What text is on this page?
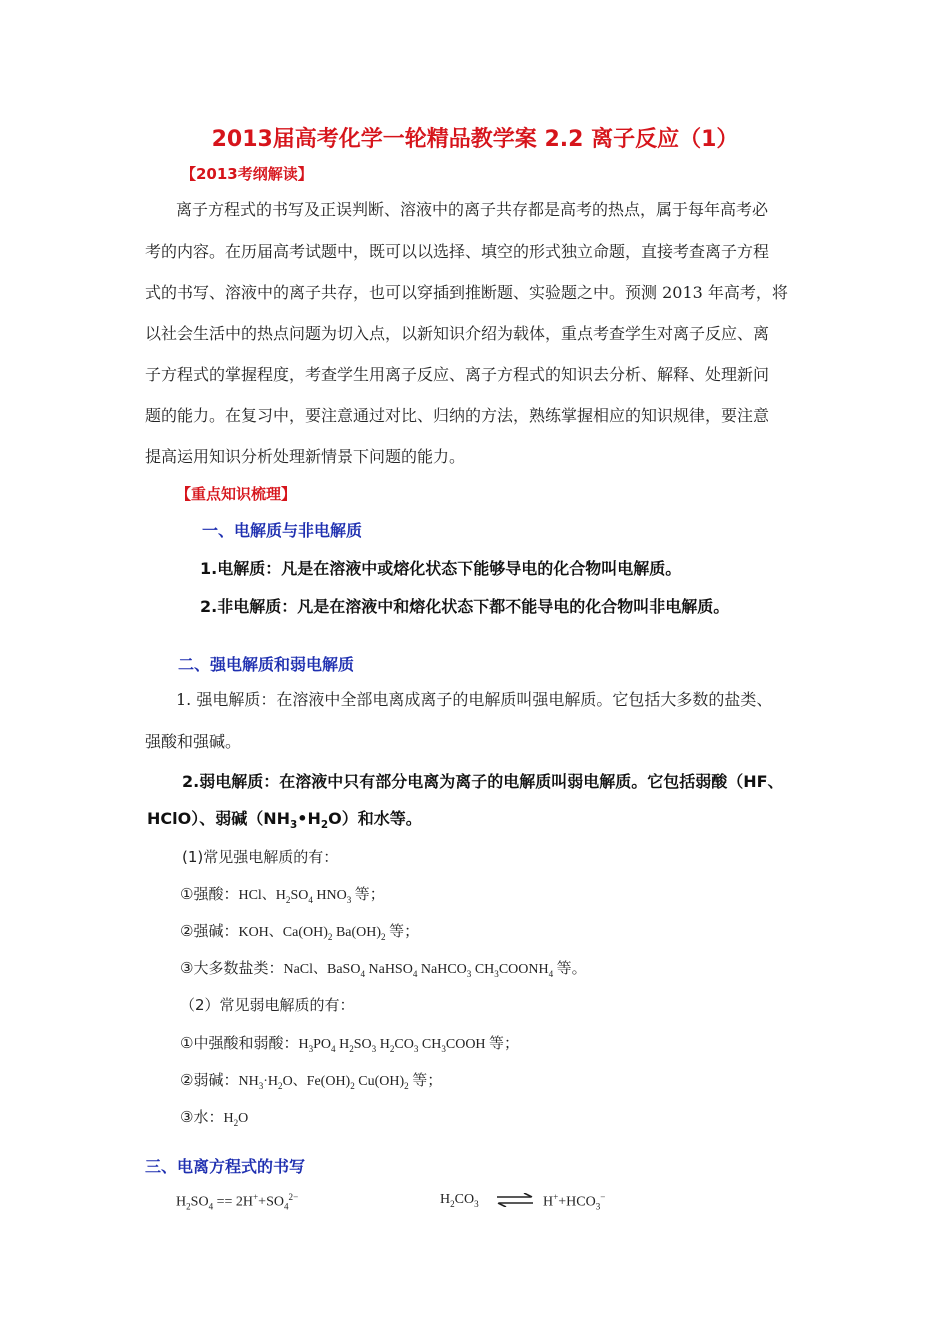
2013届高考化学一轮精品教学案 2.2 离子反应（1）
【2013考纲解读】
离子方程式的书写及正误判断、溶液中的离子共存都是高考的热点，属于每年高考必
考的内容。在历届高考试题中，既可以以选择、填空的形式独立命题，直接考查离子方程
式的书写、溶液中的离子共存，也可以穿插到推断题、实验题之中。预测 2013 年高考，将
以社会生活中的热点问题为切入点，以新知识介绍为载体，重点考查学生对离子反应、离
子方程式的掌握程度，考查学生用离子反应、离子方程式的知识去分析、解释、处理新问
题的能力。在复习中，要注意通过对比、归纳的方法，熟练掌握相应的知识规律，要注意
提高运用知识分析处理新情景下问题的能力。
【重点知识梳理】
一、电解质与非电解质
1.电解质：凡是在溶液中或熔化状态下能够导电的化合物叫电解质。
2.非电解质：凡是在溶液中和熔化状态下都不能导电的化合物叫非电解质。
二、强电解质和弱电解质
1. 强电解质：在溶液中全部电离成离子的电解质叫强电解质。它包括大多数的盐类、
强酸和强碱。
2.弱电解质：在溶液中只有部分电离为离子的电解质叫弱电解质。它包括弱酸（HF、
HClO）、弱碱$(NH_3•H_2O)$和水等。
(1)常见强电解质的有：
①强酸：HCl、$H_2SO_4$ $HNO_3$ 等；
②强碱：KOH、$Ca(OH)_2$ $Ba(OH)_2$ 等；
③大多数盐类：NaCl、BaSO$_4$ NaHSO$_4$ NaHCO$_3$ $CH_3COONH_4$ 等。
（2）常见弱电解质的有：
①中强酸和弱酸：$H_3PO_4$ $H_2SO_3$ $H_2CO_3$ $CH_3COOH$ 等；
②弱碱：$NH_3\cdot H_2O$、$Fe(OH)_2$ $Cu(OH)_2$ 等；
③水：$H_2O$
三、电离方程式的书写
$H_2SO_4 == 2H^++SO_4^{2-}$	$H_2CO_3$ ⇌ $H^++HCO_3^-$
